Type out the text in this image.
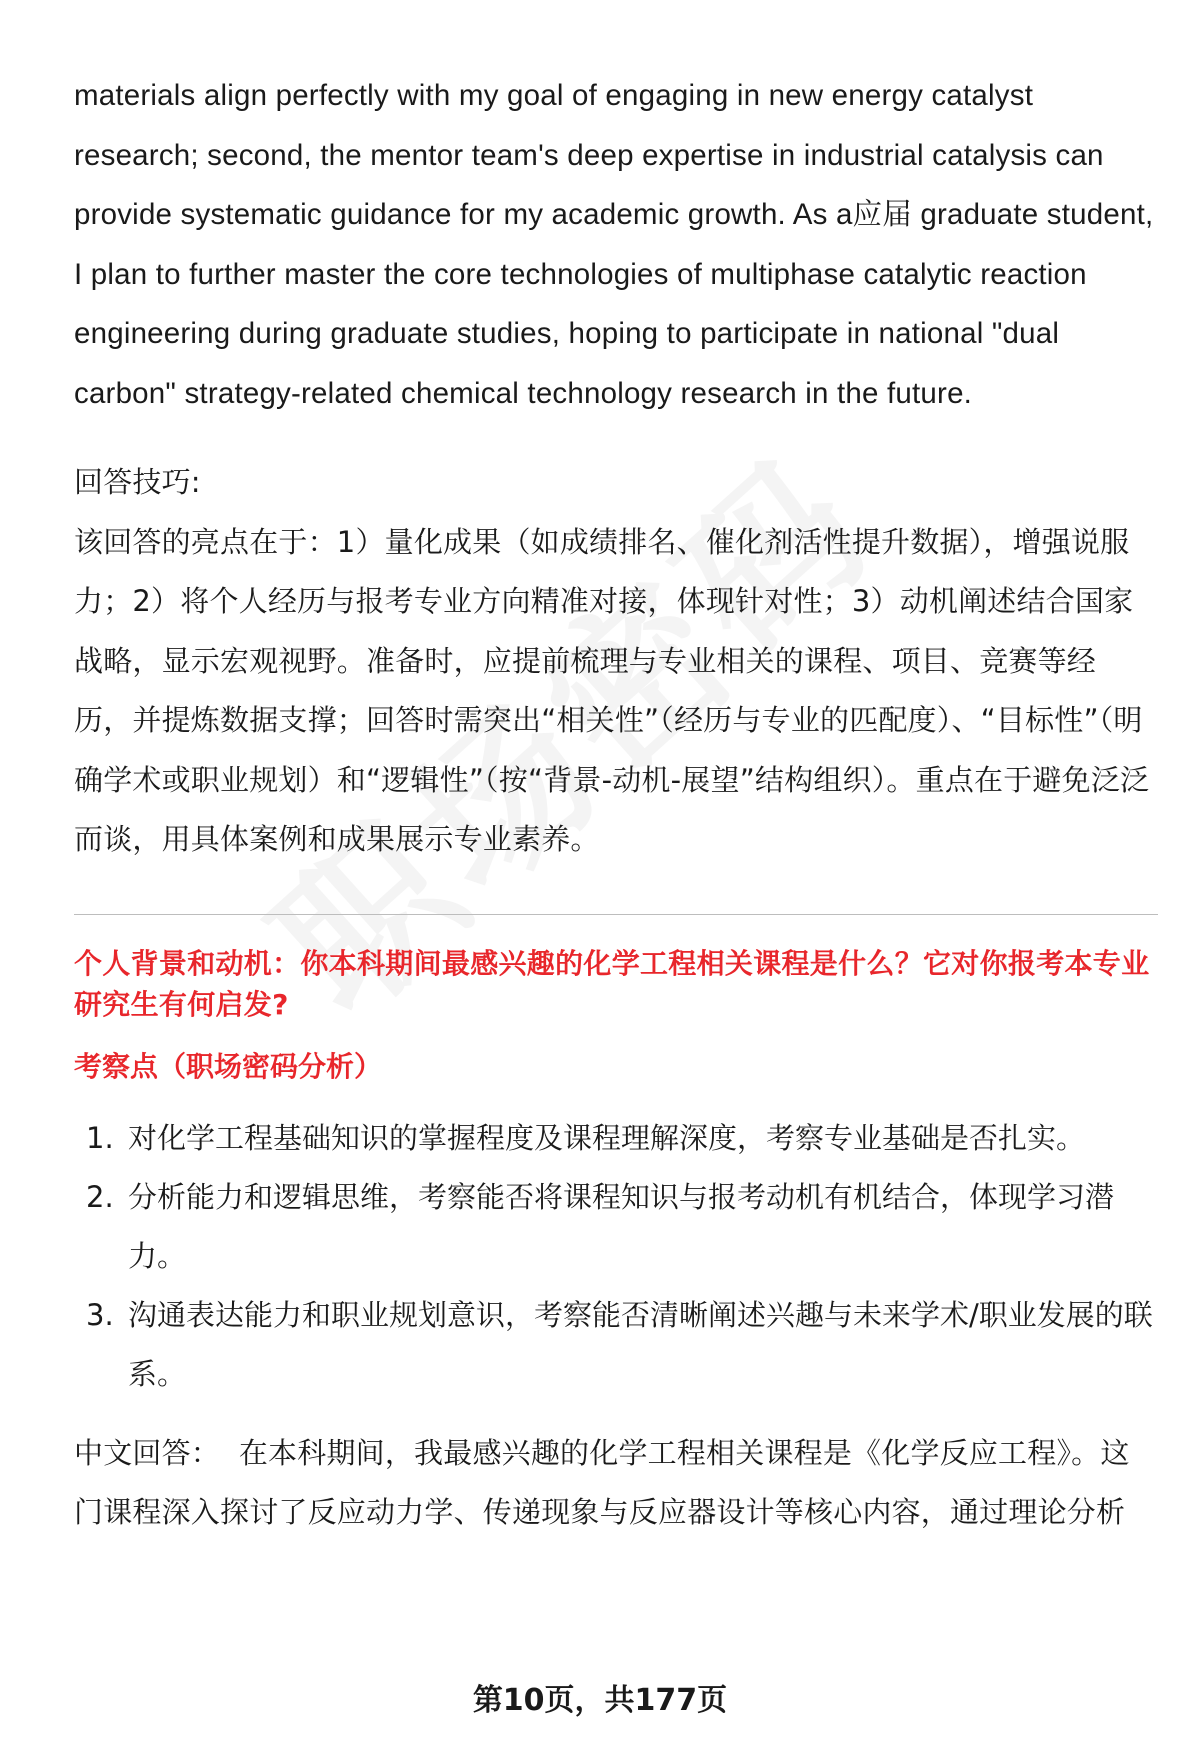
materials align perfectly with my goal of engaging in new energy catalyst research; second, the mentor team's deep expertise in industrial catalysis can provide systematic guidance for my academic growth. As a应届 graduate student, I plan to further master the core technologies of multiphase catalytic reaction engineering during graduate studies, hoping to participate in national "dual carbon" strategy-related chemical technology research in the future.

回答技巧:

该回答的亮点在于：1）量化成果（如成绩排名、催化剂活性提升数据），增强说服力；2）将个人经历与报考专业方向精准对接，体现针对性；3）动机阐述结合国家战略，显示宏观视野。准备时，应提前梳理与专业相关的课程、项目、竞赛等经历，并提炼数据支撑；回答时需突出“相关性”（经历与专业的匹配度）、“目标性”（明确学术或职业规划）和“逻辑性”（按“背景-动机-展望”结构组织）。重点在于避免泛泛而谈，用具体案例和成果展示专业素养。

个人背景和动机：你本科期间最感兴趣的化学工程相关课程是什么？它对你报考本专业研究生有何启发?
考察点（职场密码分析）
1. 对化学工程基础知识的掌握程度及课程理解深度，考察专业基础是否扎实。
2. 分析能力和逻辑思维，考察能否将课程知识与报考动机有机结合，体现学习潜力。
3. 沟通表达能力和职业规划意识，考察能否清晰阐述兴趣与未来学术/职业发展的联系。

中文回答： 在本科期间，我最感兴趣的化学工程相关课程是《化学反应工程》。这门课程深入探讨了反应动力学、传递现象与反应器设计等核心内容，通过理论分析

第10页，共177页
